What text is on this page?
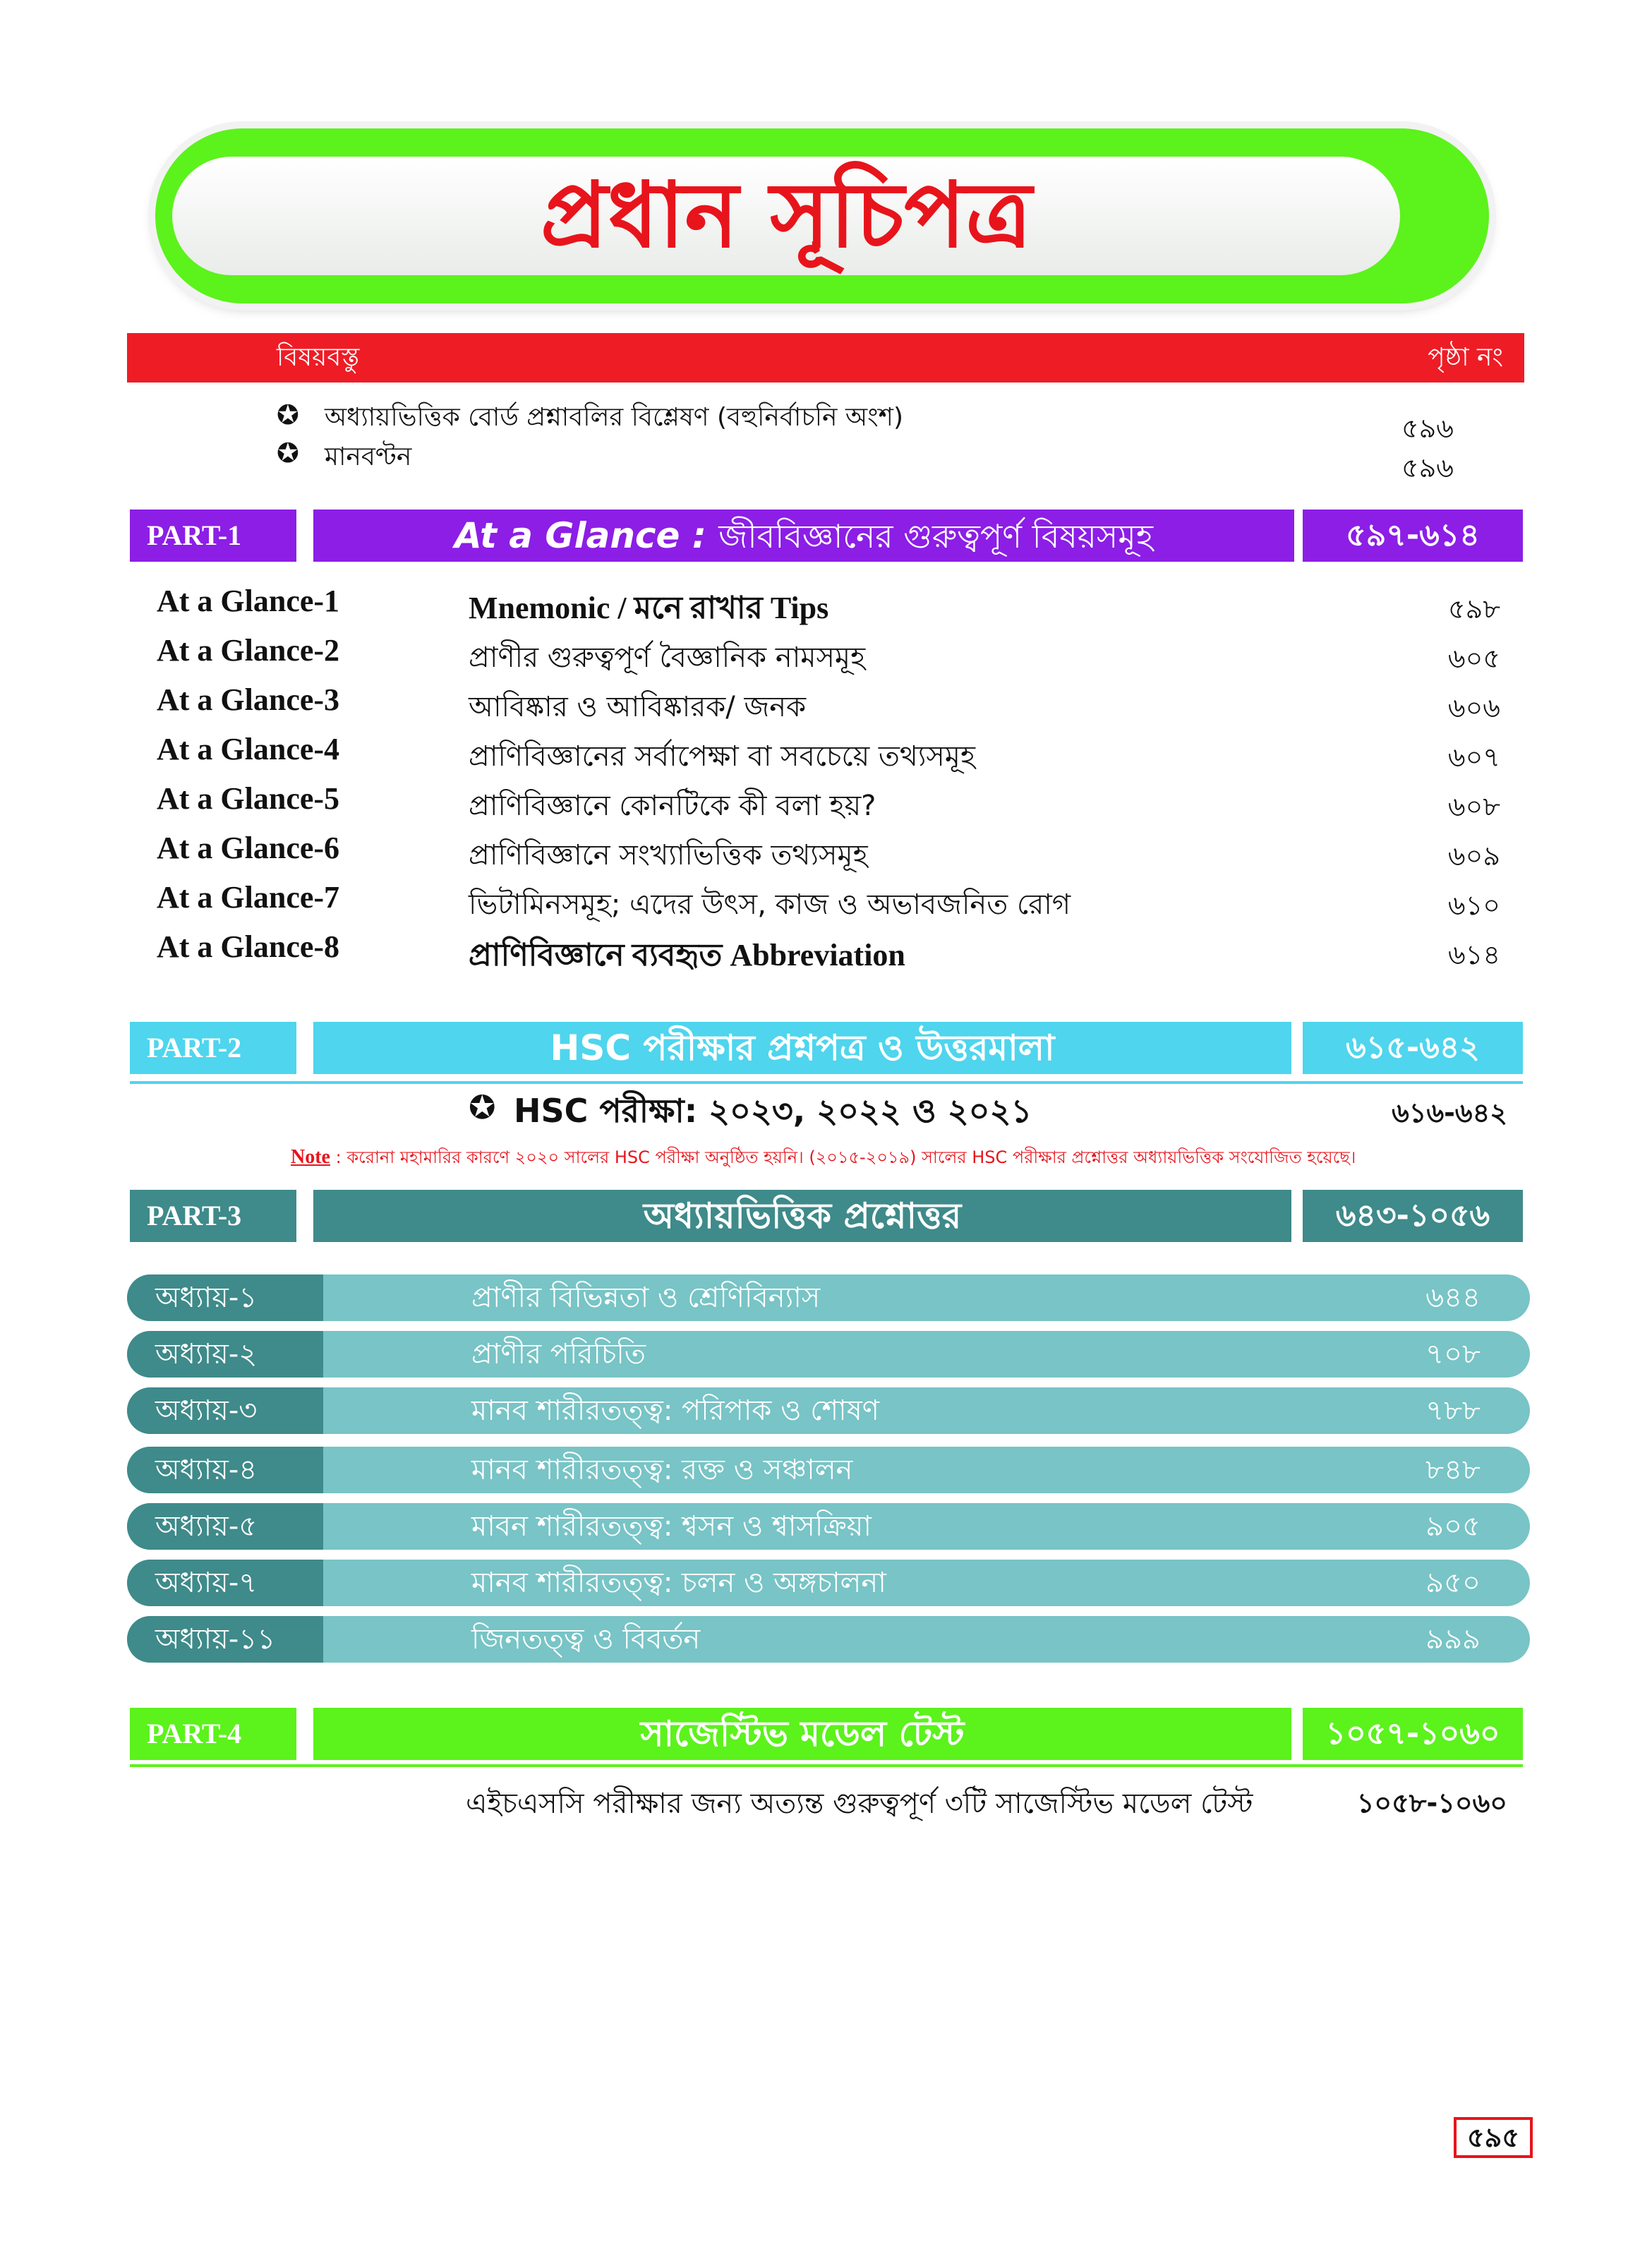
প্রধান সূচিপত্র
বিষয়বস্তু	পৃষ্ঠা নং
✪ অধ্যায়ভিত্তিক বোর্ড প্রশ্নাবলির বিশ্লেষণ (বহুনির্বাচনি অংশ)	৫৯৬
✪ মানবণ্টন	৫৯৬
PART-1	At a Glance : জীববিজ্ঞানের গুরুত্বপূর্ণ বিষয়সমূহ	৫৯৭-৬১৪
At a Glance-1	Mnemonic / মনে রাখার Tips	৫৯৮
At a Glance-2	প্রাণীর গুরুত্বপূর্ণ বৈজ্ঞানিক নামসমূহ	৬০৫
At a Glance-3	আবিষ্কার ও আবিষ্কারক/ জনক	৬০৬
At a Glance-4	প্রাণিবিজ্ঞানের সর্বাপেক্ষা বা সবচেয়ে তথ্যসমূহ	৬০৭
At a Glance-5	প্রাণিবিজ্ঞানে কোনটিকে কী বলা হয়?	৬০৮
At a Glance-6	প্রাণিবিজ্ঞানে সংখ্যাভিত্তিক তথ্যসমূহ	৬০৯
At a Glance-7	ভিটামিনসমূহ; এদের উৎস, কাজ ও অভাবজনিত রোগ	৬১০
At a Glance-8	প্রাণিবিজ্ঞানে ব্যবহৃত Abbreviation	৬১৪
PART-2	HSC পরীক্ষার প্রশ্নপত্র ও উত্তরমালা	৬১৫-৬৪২
✪ HSC পরীক্ষা: ২০২৩, ২০২২ ও ২০২১	৬১৬-৬৪২
Note : করোনা মহামারির কারণে ২০২০ সালের HSC পরীক্ষা অনুষ্ঠিত হয়নি। (২০১৫-২০১৯) সালের HSC পরীক্ষার প্রশ্নোত্তর অধ্যায়ভিত্তিক সংযোজিত হয়েছে।
PART-3	অধ্যায়ভিত্তিক প্রশ্নোত্তর	৬৪৩-১০৫৬
অধ্যায়-১	প্রাণীর বিভিন্নতা ও শ্রেণিবিন্যাস	৬৪৪
অধ্যায়-২	প্রাণীর পরিচিতি	৭০৮
অধ্যায়-৩	মানব শারীরতত্ত্ব: পরিপাক ও শোষণ	৭৮৮
অধ্যায়-৪	মানব শারীরতত্ত্ব: রক্ত ও সঞ্চালন	৮৪৮
অধ্যায়-৫	মাবন শারীরতত্ত্ব: শ্বসন ও শ্বাসক্রিয়া	৯০৫
অধ্যায়-৭	মানব শারীরতত্ত্ব: চলন ও অঙ্গচালনা	৯৫০
অধ্যায়-১১	জিনতত্ত্ব ও বিবর্তন	৯৯৯
PART-4	সাজেস্টিভ মডেল টেস্ট	১০৫৭-১০৬০
এইচএসসি পরীক্ষার জন্য অত্যন্ত গুরুত্বপূর্ণ ৩টি সাজেস্টিভ মডেল টেস্ট	১০৫৮-১০৬০
৫৯৫
